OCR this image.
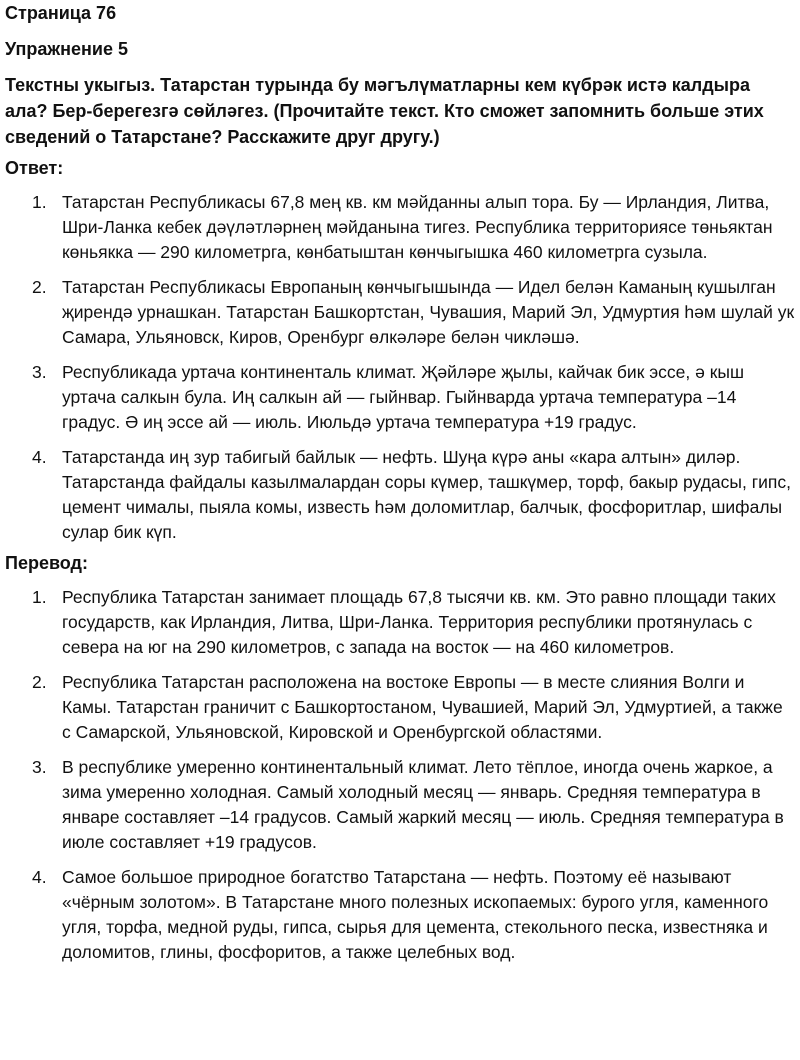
Страница 76
Упражнение 5

Текстны укыгыз. Татарстан турында бу мәгълүматларны кем күбрәк истә калдыра ала? Бер-берегезгә сөйләгез. (Прочитайте текст. Кто сможет запомнить больше этих сведений о Татарстане? Расскажите друг другу.)

Ответ:
1. Татарстан Республикасы 67,8 мең кв. км мәйданны алып тора. Бу — Ирландия, Литва, Шри-Ланка кебек дәүләтләрнең мәйданына тигез. Республика территориясе төньяктан көньякка — 290 километрга, көнбатыштан көнчыгышка 460 километрга сузыла.
2. Татарстан Республикасы Европаның көнчыгышында — Идел белән Каманың кушылган җирендә урнашкан. Татарстан Башкортстан, Чувашия, Марий Эл, Удмуртия һәм шулай ук Самара, Ульяновск, Киров, Оренбург өлкәләре белән чикләшә.
3. Республикада уртача континенталь климат. Җәйләре җылы, кайчак бик эссе, ә кыш уртача салкын була. Иң салкын ай — гыйнвар. Гыйнварда уртача температура –14 градус. Ә иң эссе ай — июль. Июльдә уртача температура +19 градус.
4. Татарстанда иң зур табигый байлык — нефть. Шуңа күрә аны «кара алтын» диләр. Татарстанда файдалы казылмалардан соры күмер, ташкүмер, торф, бакыр рудасы, гипс, цемент чималы, пыяла комы, известь һәм доломитлар, балчык, фосфоритлар, шифалы сулар бик күп.
Перевод:
1. Республика Татарстан занимает площадь 67,8 тысячи кв. км. Это равно площади таких государств, как Ирландия, Литва, Шри-Ланка. Территория республики протянулась с севера на юг на 290 километров, с запада на восток — на 460 километров.
2. Республика Татарстан расположена на востоке Европы — в месте слияния Волги и Камы. Татарстан граничит с Башкортостаном, Чувашией, Марий Эл, Удмуртией, а также с Самарской, Ульяновской, Кировской и Оренбургской областями.
3. В республике умеренно континентальный климат. Лето тёплое, иногда очень жаркое, а зима умеренно холодная. Самый холодный месяц — январь. Средняя температура в январе составляет –14 градусов. Самый жаркий месяц — июль. Средняя температура в июле составляет +19 градусов.
4. Самое большое природное богатство Татарстана — нефть. Поэтому её называют «чёрным золотом». В Татарстане много полезных ископаемых: бурого угля, каменного угля, торфа, медной руды, гипса, сырья для цемента, стекольного песка, известняка и доломитов, глины, фосфоритов, а также целебных вод.
